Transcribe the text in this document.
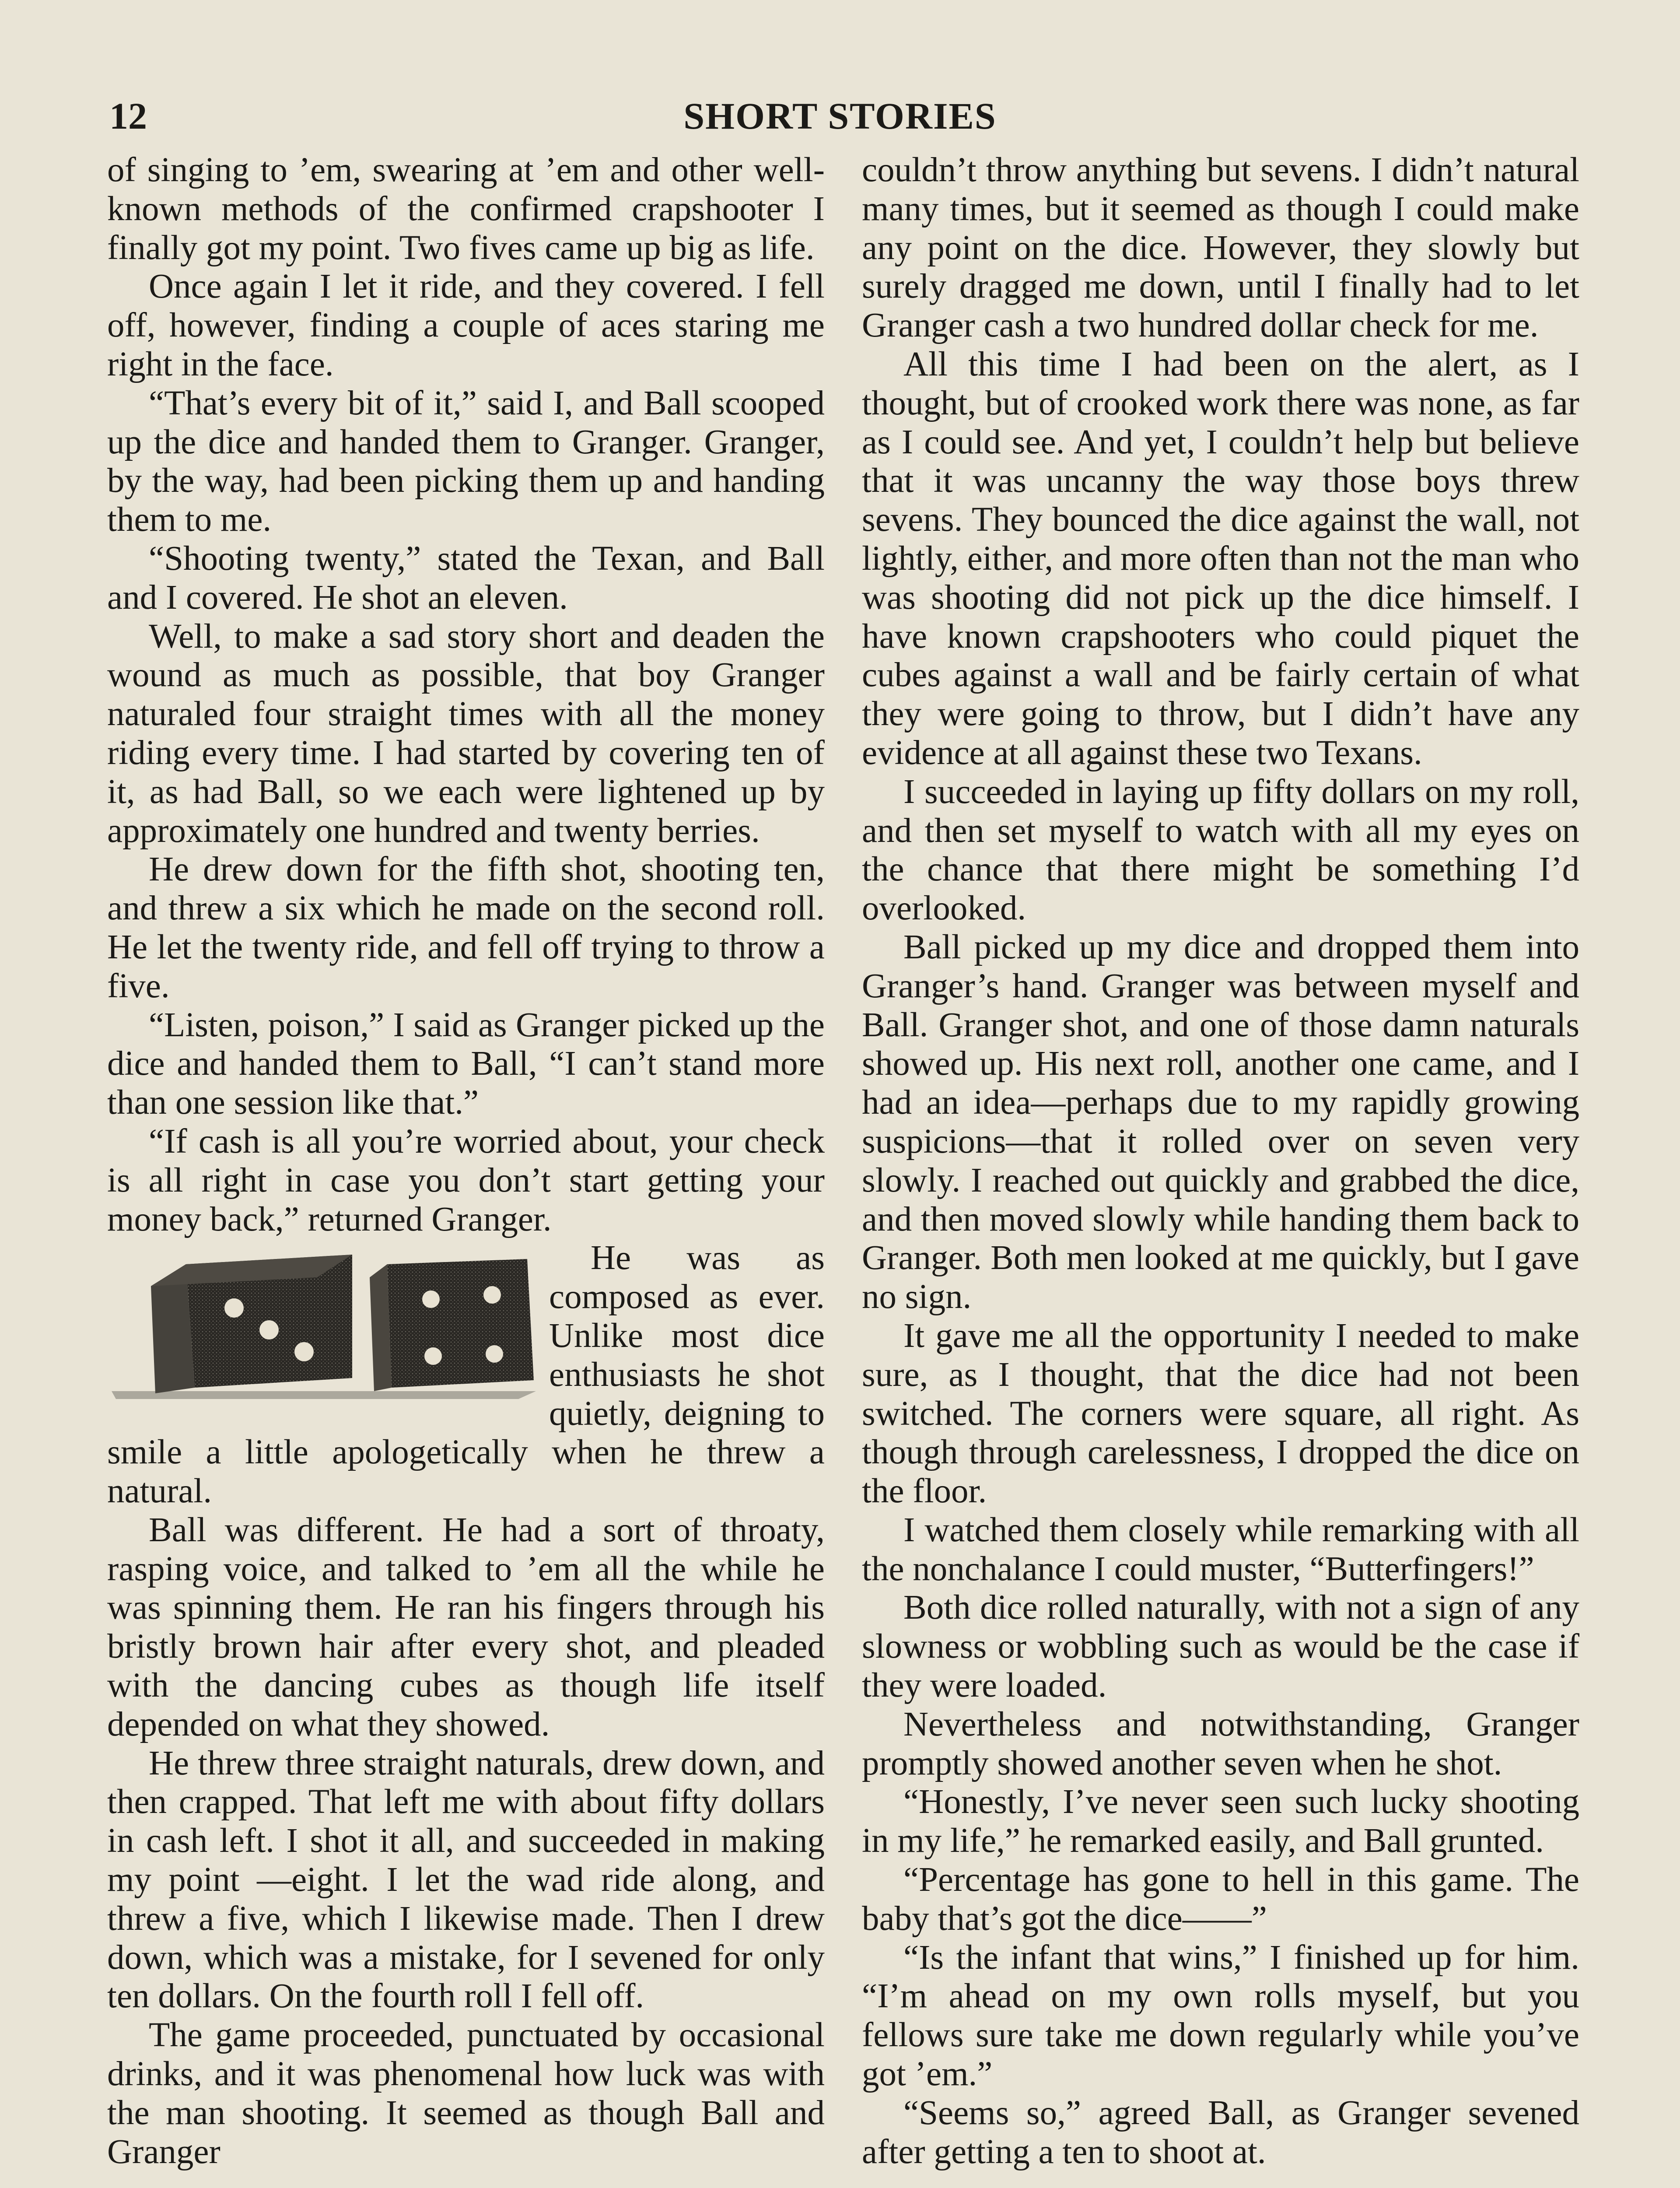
12	SHORT STORIES

of singing to ’em, swearing at ’em and other well-known methods of the confirmed crapshooter I finally got my point. Two fives came up big as life.

Once again I let it ride, and they covered. I fell off, however, finding a couple of aces staring me right in the face.

“That’s every bit of it,” said I, and Ball scooped up the dice and handed them to Granger. Granger, by the way, had been picking them up and handing them to me.

“Shooting twenty,” stated the Texan, and Ball and I covered. He shot an eleven.

Well, to make a sad story short and deaden the wound as much as possible, that boy Granger naturaled four straight times with all the money riding every time. I had started by covering ten of it, as had Ball, so we each were lightened up by approximately one hundred and twenty berries.

He drew down for the fifth shot, shooting ten, and threw a six which he made on the second roll. He let the twenty ride, and fell off trying to throw a five.

“Listen, poison,” I said as Granger picked up the dice and handed them to Ball, “I can’t stand more than one session like that.”

“If cash is all you’re worried about, your check is all right in case you don’t start getting your money back,” returned Granger.

He was as composed as ever. Unlike most dice enthusiasts he shot quietly, deigning to smile a little apologetically when he threw a natural.

Ball was different. He had a sort of throaty, rasping voice, and talked to ’em all the while he was spinning them. He ran his fingers through his bristly brown hair after every shot, and pleaded with the dancing cubes as though life itself depended on what they showed.

He threw three straight naturals, drew down, and then crapped. That left me with about fifty dollars in cash left. I shot it all, and succeeded in making my point —eight. I let the wad ride along, and threw a five, which I likewise made. Then I drew down, which was a mistake, for I sevened for only ten dollars. On the fourth roll I fell off.

The game proceeded, punctuated by occasional drinks, and it was phenomenal how luck was with the man shooting. It seemed as though Ball and Granger

couldn’t throw anything but sevens. I didn’t natural many times, but it seemed as though I could make any point on the dice. However, they slowly but surely dragged me down, until I finally had to let Granger cash a two hundred dollar check for me.

All this time I had been on the alert, as I thought, but of crooked work there was none, as far as I could see. And yet, I couldn’t help but believe that it was uncanny the way those boys threw sevens. They bounced the dice against the wall, not lightly, either, and more often than not the man who was shooting did not pick up the dice himself. I have known crapshooters who could piquet the cubes against a wall and be fairly certain of what they were going to throw, but I didn’t have any evidence at all against these two Texans.

I succeeded in laying up fifty dollars on my roll, and then set myself to watch with all my eyes on the chance that there might be something I’d overlooked.

Ball picked up my dice and dropped them into Granger’s hand. Granger was between myself and Ball. Granger shot, and one of those damn naturals showed up. His next roll, another one came, and I had an idea—perhaps due to my rapidly growing suspicions—that it rolled over on seven very slowly. I reached out quickly and grabbed the dice, and then moved slowly while handing them back to Granger. Both men looked at me quickly, but I gave no sign.

It gave me all the opportunity I needed to make sure, as I thought, that the dice had not been switched. The corners were square, all right. As though through carelessness, I dropped the dice on the floor.

I watched them closely while remarking with all the nonchalance I could muster, “Butterfingers!”

Both dice rolled naturally, with not a sign of any slowness or wobbling such as would be the case if they were loaded.

Nevertheless and notwithstanding, Granger promptly showed another seven when he shot.

“Honestly, I’ve never seen such lucky shooting in my life,” he remarked easily, and Ball grunted.

“Percentage has gone to hell in this game. The baby that’s got the dice——”

“Is the infant that wins,” I finished up for him. “I’m ahead on my own rolls myself, but you fellows sure take me down regularly while you’ve got ’em.”

“Seems so,” agreed Ball, as Granger sevened after getting a ten to shoot at.
